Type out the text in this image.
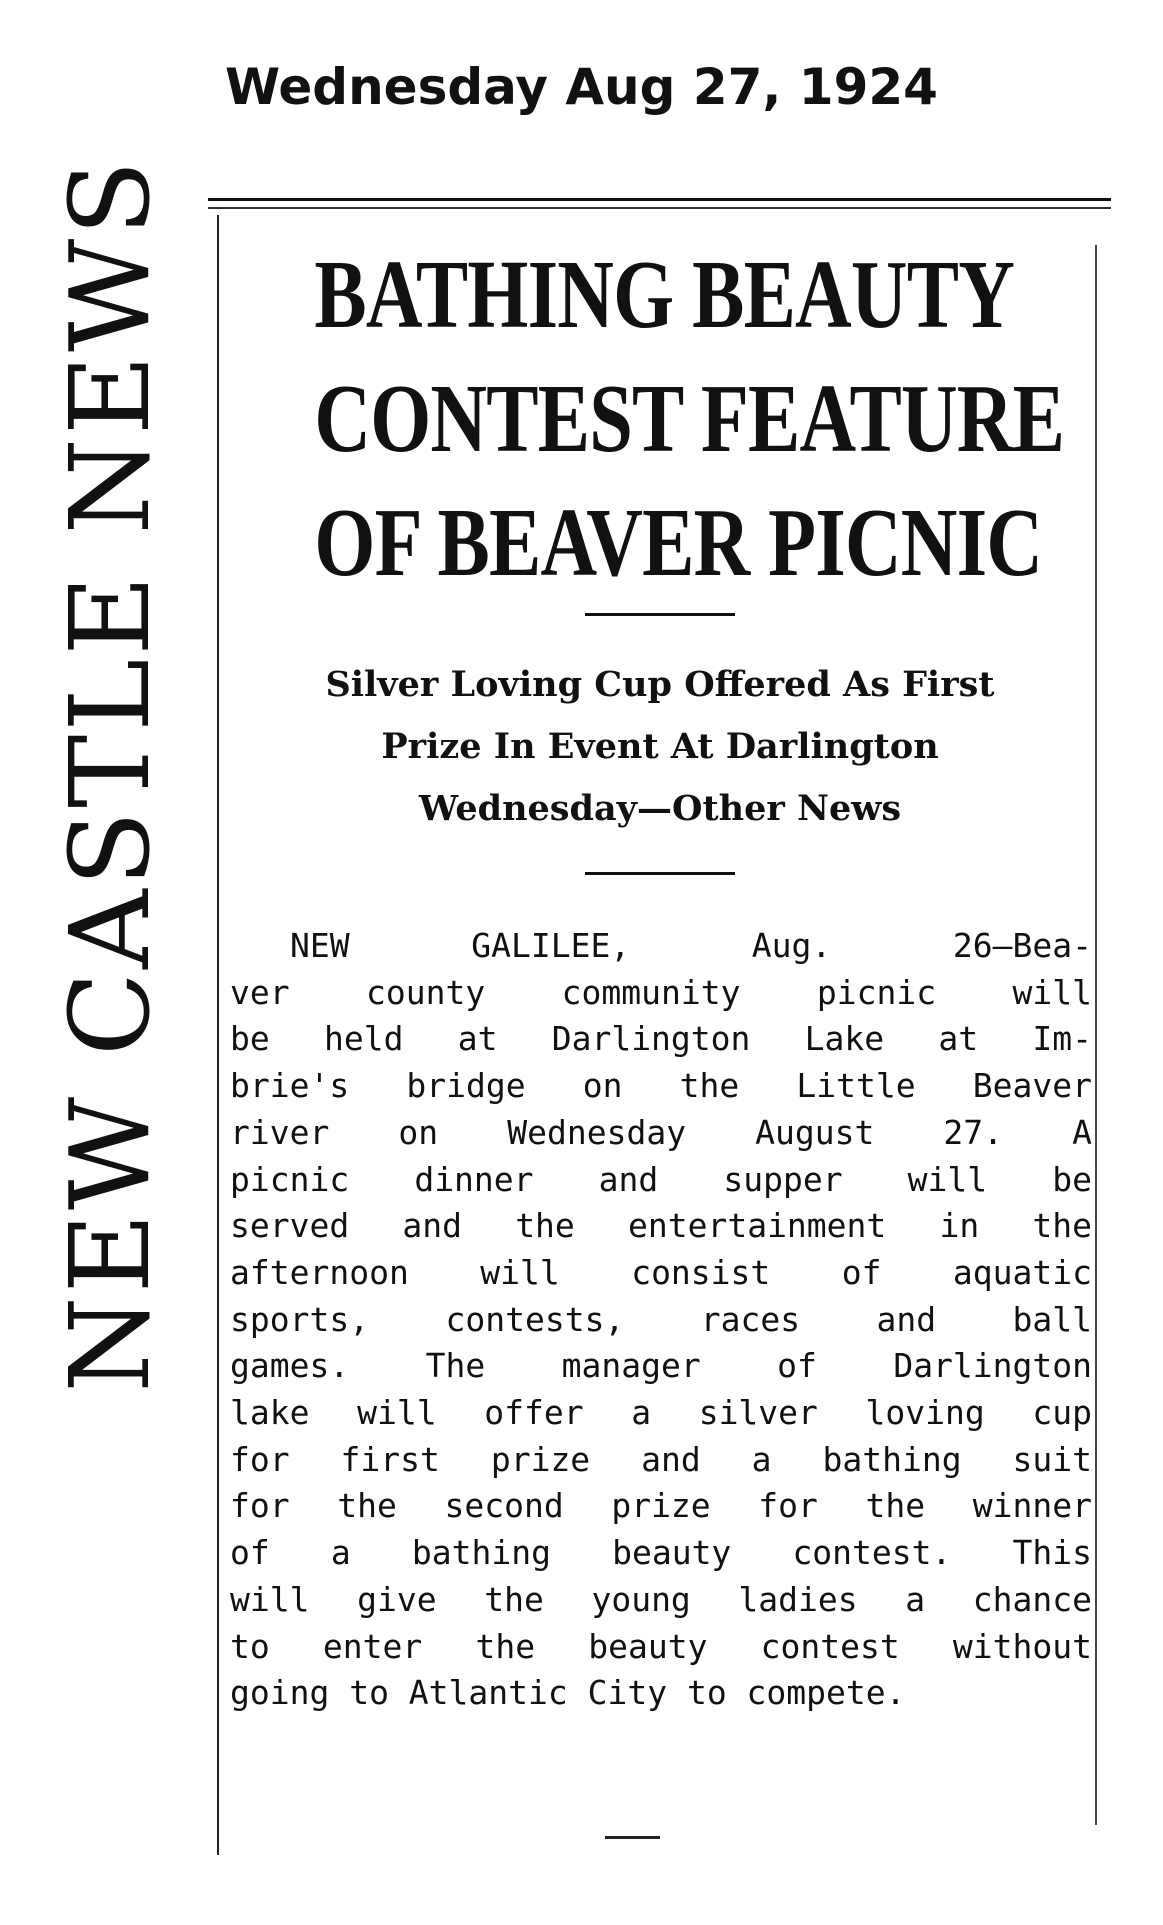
NEW CASTLE NEWS
Wednesday Aug 27, 1924
BATHING BEAUTY
CONTEST FEATURE
OF BEAVER PICNIC
Silver Loving Cup Offered As First
Prize In Event At Darlington
Wednesday—Other News
NEW GALILEE, Aug. 26—Bea-
ver county community picnic will
be held at Darlington Lake at Im-
brie's bridge on the Little Beaver
river on Wednesday August 27. A
picnic dinner and supper will be
served and the entertainment in the
afternoon will consist of aquatic
sports, contests, races and ball
games. The manager of Darlington
lake will offer a silver loving cup
for first prize and a bathing suit
for the second prize for the winner
of a bathing beauty contest. This
will give the young ladies a chance
to enter the beauty contest without
going to Atlantic City to compete.
